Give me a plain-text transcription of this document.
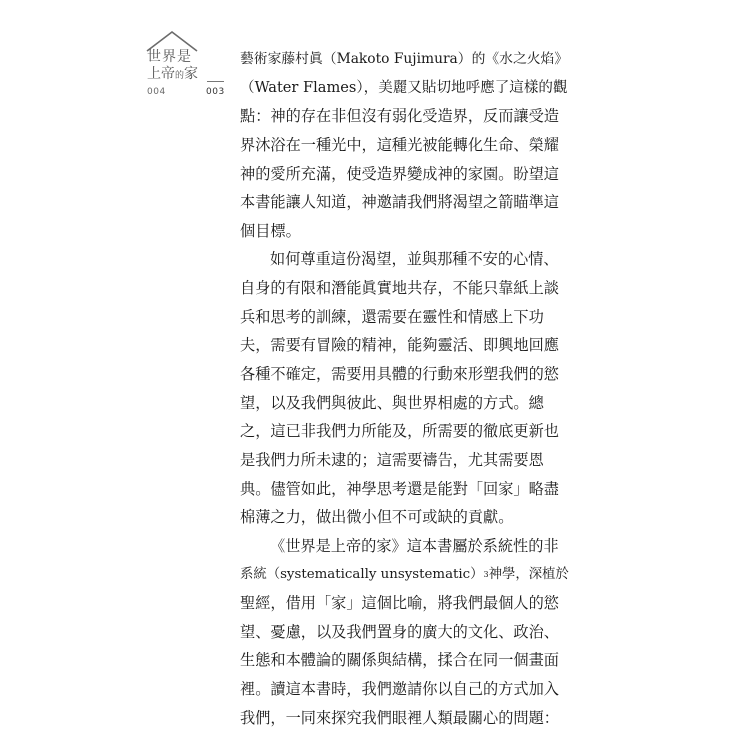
世界是
上帝的家
004	003
藝術家藤村眞（Makoto Fujimura）的《水之火焰》
（Water Flames），美麗又貼切地呼應了這樣的觀
點：神的存在非但沒有弱化受造界，反而讓受造
界沐浴在一種光中，這種光被能轉化生命、榮耀
神的愛所充滿，使受造界變成神的家園。盼望這
本書能讓人知道，神邀請我們將渴望之箭瞄準這
個目標。
如何尊重這份渴望，並與那種不安的心情、
自身的有限和潛能眞實地共存，不能只靠紙上談
兵和思考的訓練，還需要在靈性和情感上下功
夫，需要有冒險的精神，能夠靈活、即興地回應
各種不確定，需要用具體的行動來形塑我們的慾
望，以及我們與彼此、與世界相處的方式。總
之，這已非我們力所能及，所需要的徹底更新也
是我們力所未逮的；這需要禱告，尤其需要恩
典。儘管如此，神學思考還是能對「回家」略盡
棉薄之力，做出微小但不可或缺的貢獻。
《世界是上帝的家》這本書屬於系統性的非
系統（systematically unsystematic） 3 神學，深植於
聖經，借用「家」這個比喻，將我們最個人的慾
望、憂慮，以及我們置身的廣大的文化、政治、
生態和本體論的關係與結構，揉合在同一個畫面
裡。讀這本書時，我們邀請你以自己的方式加入
我們，一同來探究我們眼裡人類最關心的問題：
